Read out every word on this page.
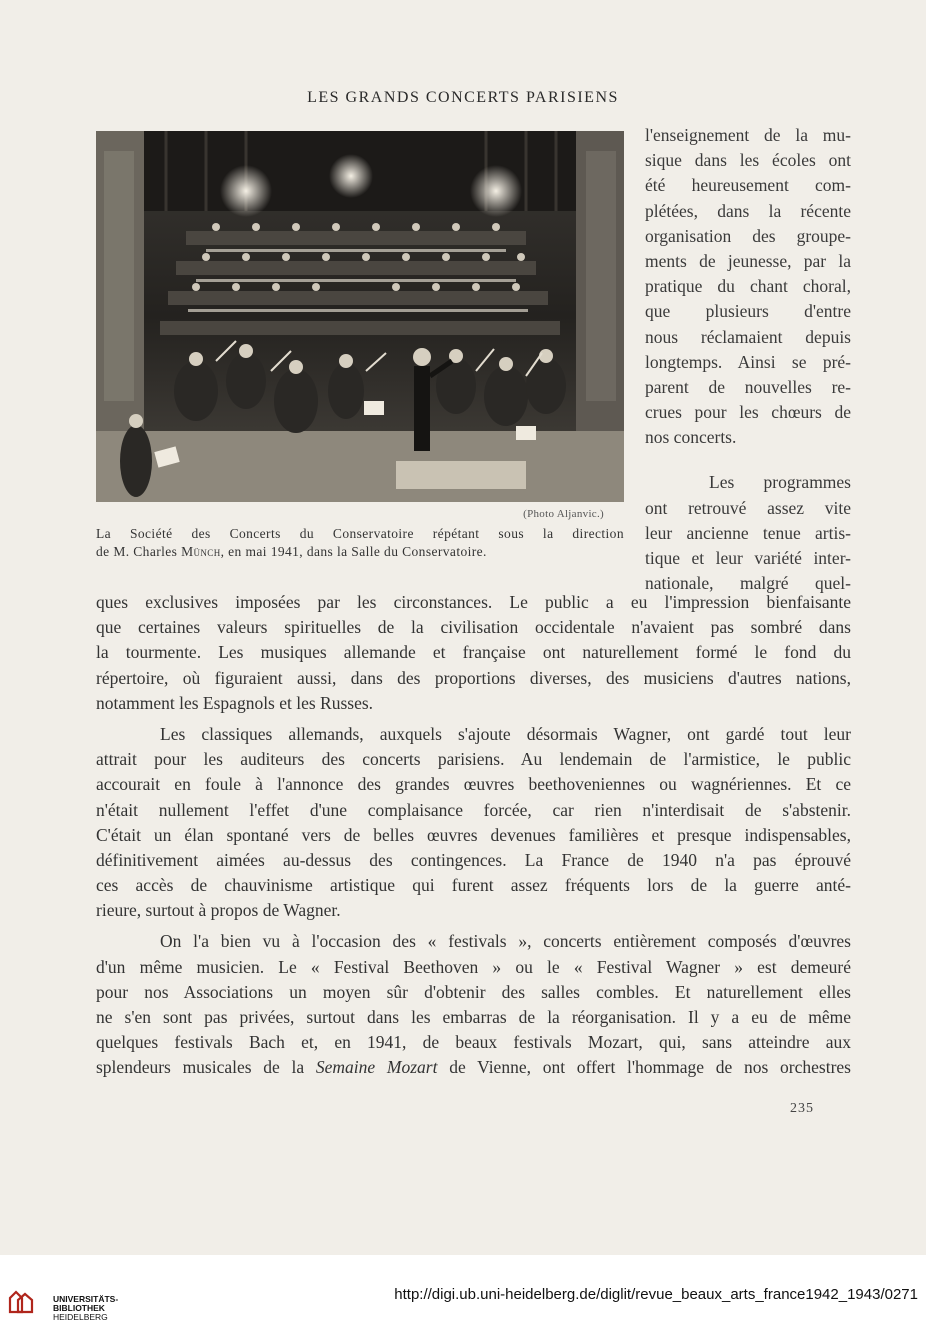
LES GRANDS CONCERTS PARISIENS
(Photo Aljanvic.)

La Société des Concerts du Conservatoire répétant sous la direction

de M. Charles Münch, en mai 1941, dans la Salle du Conservatoire.

l'enseignement de la mu-
sique dans les écoles ont
été heureusement com-
plétées, dans la récente
organisation des groupe-
ments de jeunesse, par la
pratique du chant choral,
que plusieurs d'entre
nous réclamaient depuis
longtemps. Ainsi se pré-
parent de nouvelles re-
crues pour les chœurs de
nos concerts.
Les programmes
ont retrouvé assez vite
leur ancienne tenue artis-
tique et leur variété inter-
nationale, malgré quel-
ques exclusives imposées par les circonstances. Le public a eu l'impression bienfaisante
que certaines valeurs spirituelles de la civilisation occidentale n'avaient pas sombré dans
la tourmente. Les musiques allemande et française ont naturellement formé le fond du
répertoire, où figuraient aussi, dans des proportions diverses, des musiciens d'autres nations,
notamment les Espagnols et les Russes.
Les classiques allemands, auxquels s'ajoute désormais Wagner, ont gardé tout leur
attrait pour les auditeurs des concerts parisiens. Au lendemain de l'armistice, le public
accourait en foule à l'annonce des grandes œuvres beethoveniennes ou wagnériennes. Et ce
n'était nullement l'effet d'une complaisance forcée, car rien n'interdisait de s'abstenir.
C'était un élan spontané vers de belles œuvres devenues familières et presque indispensables,
définitivement aimées au-dessus des contingences. La France de 1940 n'a pas éprouvé
ces accès de chauvinisme artistique qui furent assez fréquents lors de la guerre anté-
rieure, surtout à propos de Wagner.
On l'a bien vu à l'occasion des « festivals », concerts entièrement composés d'œuvres
d'un même musicien. Le « Festival Beethoven » ou le « Festival Wagner » est demeuré
pour nos Associations un moyen sûr d'obtenir des salles combles. Et naturellement elles
ne s'en sont pas privées, surtout dans les embarras de la réorganisation. Il y a eu de même
quelques festivals Bach et, en 1941, de beaux festivals Mozart, qui, sans atteindre aux
splendeurs musicales de la Semaine Mozart de Vienne, ont offert l'hommage de nos orchestres
235
UNIVERSITÄTS-
BIBLIOTHEK
HEIDELBERG
http://digi.ub.uni-heidelberg.de/diglit/revue_beaux_arts_france1942_1943/0271
